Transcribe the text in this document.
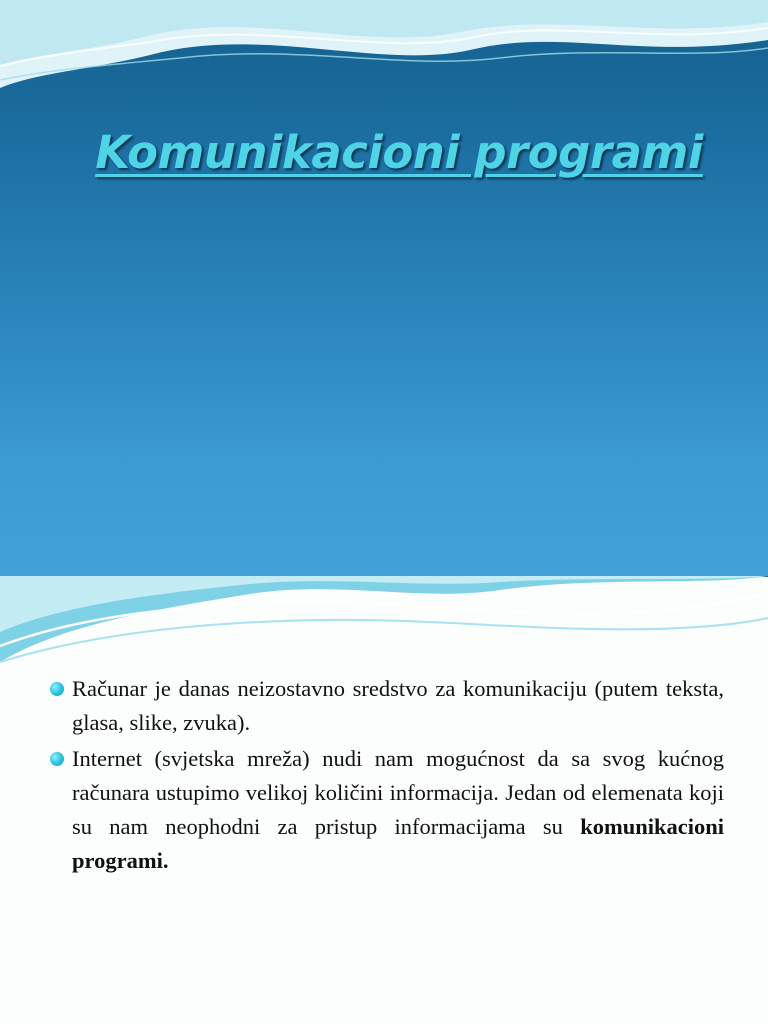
Komunikacioni programi
Računar je danas neizostavno sredstvo za komunikaciju (putem teksta, glasa, slike, zvuka).
Internet (svjetska mreža) nudi nam mogućnost da sa svog kućnog računara ustupimo velikoj količini informacija. Jedan od elemenata koji su nam neophodni za pristup informacijama su komunikacioni programi.
